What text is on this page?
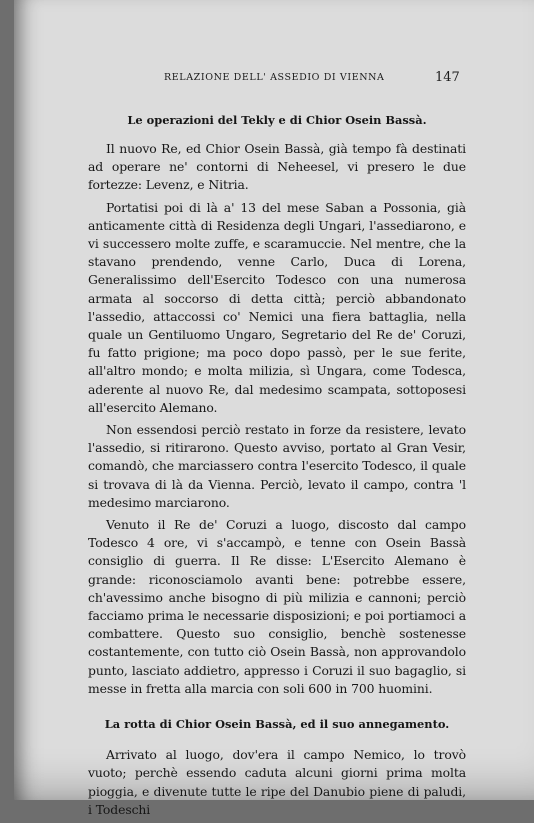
RELAZIONE DELL' ASSEDIO DI VIENNA	147
Le operazioni del Tekly e di Chior Osein Bassà.

Il nuovo Re, ed Chior Osein Bassà, già tempo fà destinati ad operare ne' contorni di Neheesel, vi presero le due fortezze: Levenz, e Nitria.

Portatisi poi di là a' 13 del mese Saban a Possonia, già anticamente città di Residenza degli Ungari, l'assediarono, e vi successero molte zuffe, e scaramuccie. Nel mentre, che la stavano prendendo, venne Carlo, Duca di Lorena, Generalissimo dell'Esercito Todesco con una numerosa armata al soccorso di detta città; perciò abbandonato l'assedio, attaccossi co' Nemici una fiera battaglia, nella quale un Gentiluomo Ungaro, Segretario del Re de' Coruzi, fu fatto prigione; ma poco dopo passò, per le sue ferite, all'altro mondo; e molta milizia, sì Ungara, come Todesca, aderente al nuovo Re, dal medesimo scampata, sottoposesi all'esercito Alemano.

Non essendosi perciò restato in forze da resistere, levato l'assedio, si ritirarono. Questo avviso, portato al Gran Vesir, comandò, che marciassero contra l'esercito Todesco, il quale si trovava di là da Vienna. Perciò, levato il campo, contra 'l medesimo marciarono.

Venuto il Re de' Coruzi a luogo, discosto dal campo Todesco 4 ore, vi s'accampò, e tenne con Osein Bassà consiglio di guerra. Il Re disse: L'Esercito Alemano è grande: riconosciamolo avanti bene: potrebbe essere, ch'avessimo anche bisogno di più milizia e cannoni; perciò facciamo prima le necessarie disposizioni; e poi portiamoci a combattere. Questo suo consiglio, benchè sostenesse costantemente, con tutto ciò Osein Bassà, non approvandolo punto, lasciato addietro, appresso i Coruzi il suo bagaglio, si messe in fretta alla marcia con soli 600 in 700 huomini.

La rotta di Chior Osein Bassà, ed il suo annegamento.

Arrivato al luogo, dov'era il campo Nemico, lo trovò vuoto; perchè essendo caduta alcuni giorni prima molta pioggia, e divenute tutte le ripe del Danubio piene di paludi, i Todeschi
